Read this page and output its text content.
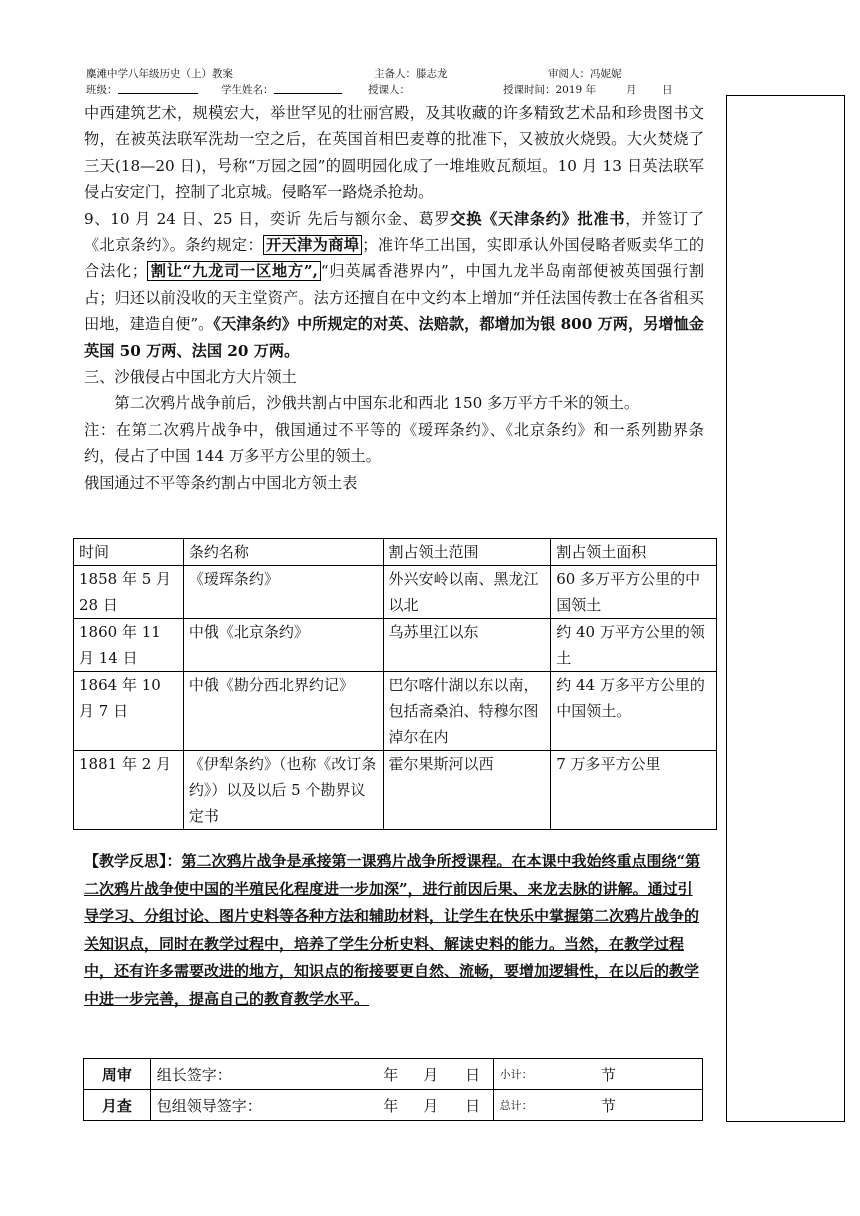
麋滩中学八年级历史（上）教案	主备人：滕志龙	审阅人：冯妮妮
班级：	学生姓名：	授课人：	授课时间：2019 年	月 日

中西建筑艺术，规模宏大，举世罕见的壮丽宫殿，及其收藏的许多精致艺术品和珍贵图书文物，在被英法联军洗劫一空之后，在英国首相巴麦尊的批准下，又被放火烧毁。大火焚烧了三天(18—20 日)，号称“万园之园”的圆明园化成了一堆堆败瓦颓垣。10 月 13 日英法联军侵占安定门，控制了北京城。侵略军一路烧杀抢劫。

9、10 月 24 日、25 日，奕䜣 先后与额尔金、葛罗交换《天津条约》批准书，并签订了《北京条约》。条约规定： 开天津为商埠 ；准许华工出国，实即承认外国侵略者贩卖华工的合法化； 割让“九龙司一区地方”, “归英属香港界内”，中国九龙半岛南部便被英国强行割占；归还以前没收的天主堂资产。法方还擅自在中文约本上增加“并任法国传教士在各省租买田地，建造自便”。《天津条约》中所规定的对英、法赔款，都增加为银 800 万两，另增恤金英国 50 万两、法国 20 万两。

三、沙俄侵占中国北方大片领土

第二次鸦片战争前后，沙俄共割占中国东北和西北 150 多万平方千米的领土。

注：在第二次鸦片战争中，俄国通过不平等的《瑷珲条约》、《北京条约》和一系列勘界条约，侵占了中国 144 万多平方公里的领土。

俄国通过不平等条约割占中国北方领土表

时间	条约名称	割占领土范围	割占领土面积
1858 年 5 月 28 日	《瑷珲条约》	外兴安岭以南、黑龙江以北	60 多万平方公里的中国领土
1860 年 11 月 14 日	中俄《北京条约》	乌苏里江以东	约 40 万平方公里的领土
1864 年 10 月 7 日	中俄《勘分西北界约记》	巴尔喀什湖以东以南，包括斋桑泊、特穆尔图淖尔在内	约 44 万多平方公里的中国领土。
1881 年 2 月	《伊犁条约》（也称《改订条约》）以及以后 5 个勘界议定书	霍尔果斯河以西	7 万多平方公里
【教学反思】：第二次鸦片战争是承接第一课鸦片战争所授课程。在本课中我始终重点围绕“第二次鸦片战争使中国的半殖民化程度进一步加深”，进行前因后果、来龙去脉的讲解。通过引导学习、分组讨论、图片史料等各种方法和辅助材料，让学生在快乐中掌握第二次鸦片战争的关知识点，同时在教学过程中，培养了学生分析史料、解读史料的能力。当然，在教学过程中，还有许多需要改进的地方，知识点的衔接要更自然、流畅，要增加逻辑性，在以后的教学中进一步完善，提高自己的教育教学水平。
周审	组长签字：	年	月	日	小计：	节
月查	包组领导签字：	年	月	日	总计：	节
